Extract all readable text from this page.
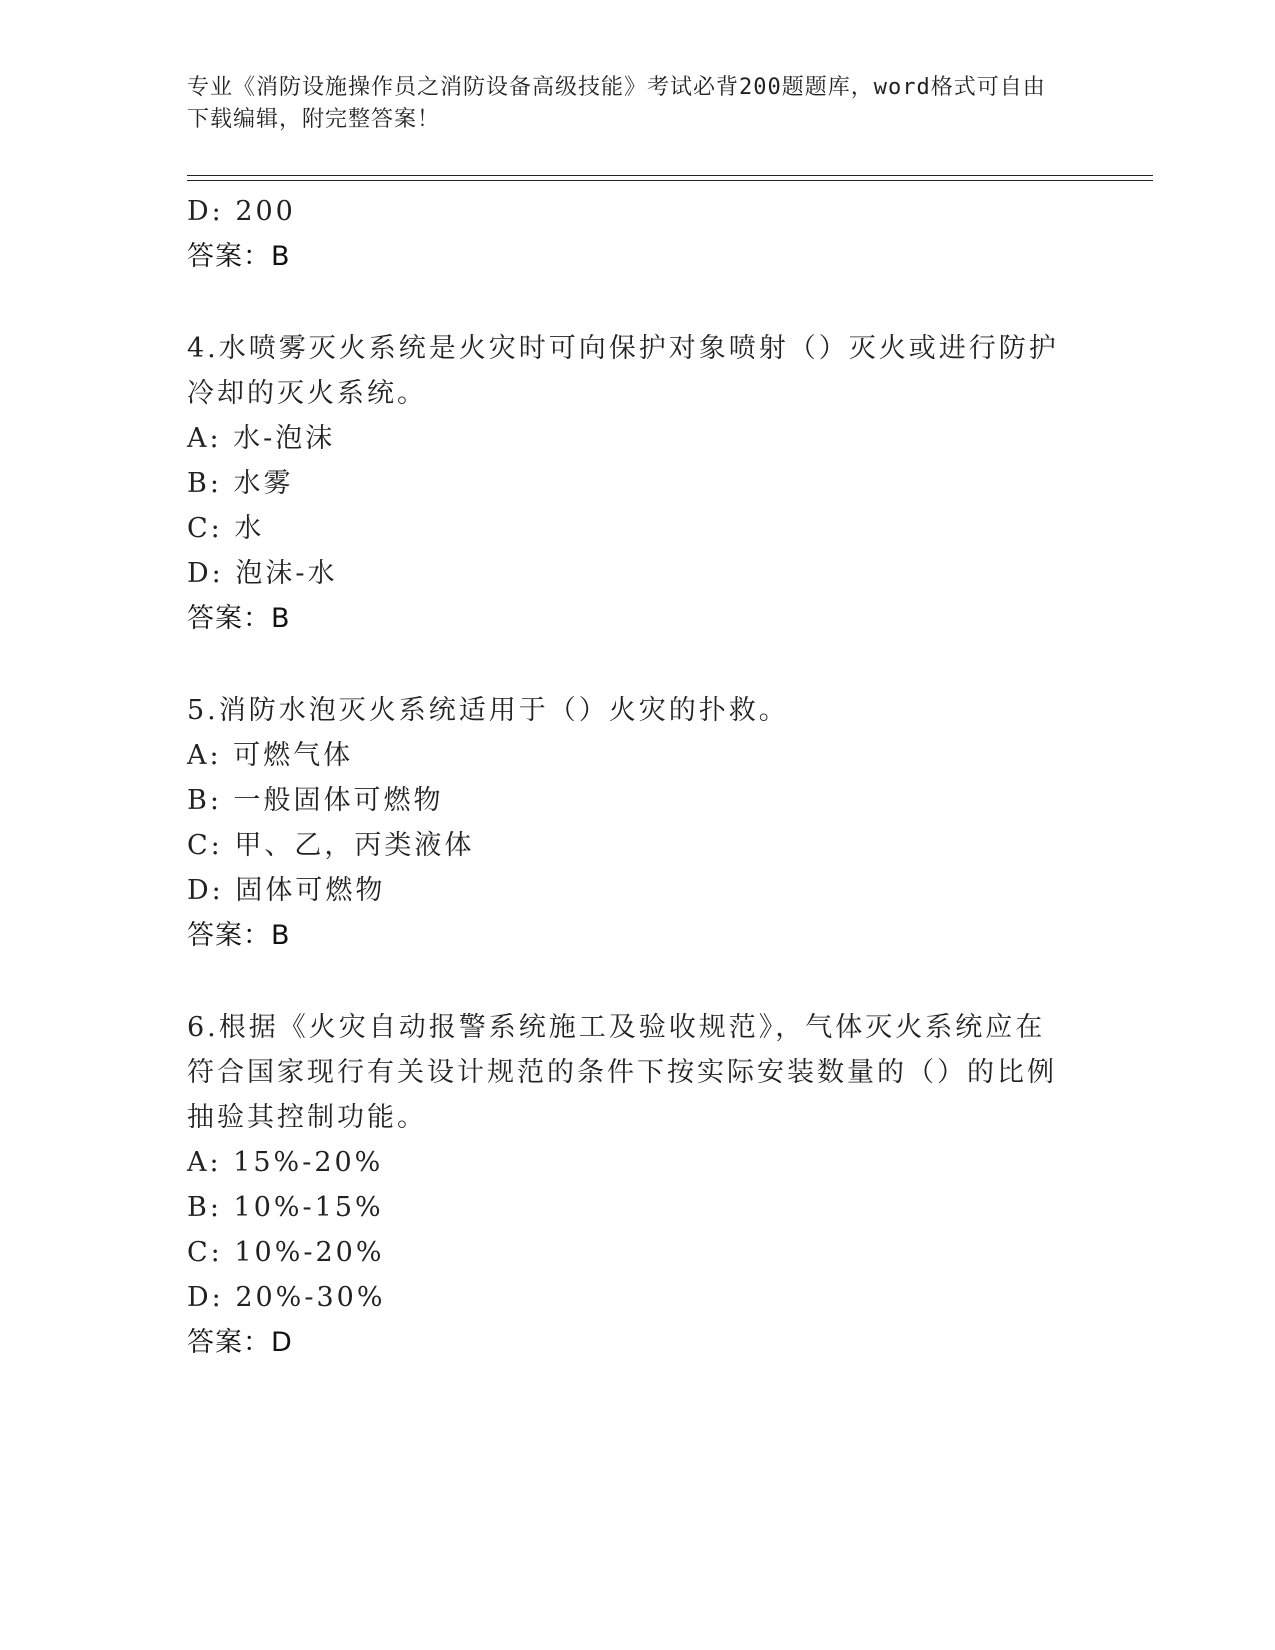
专业《消防设施操作员之消防设备高级技能》考试必背200题题库，word格式可自由下载编辑，附完整答案！
D: 200
答案：B
4.水喷雾灭火系统是火灾时可向保护对象喷射（）灭火或进行防护冷却的灭火系统。
A: 水-泡沫
B: 水雾
C: 水
D: 泡沫-水
答案：B
5.消防水泡灭火系统适用于（）火灾的扑救。
A: 可燃气体
B: 一般固体可燃物
C: 甲、乙，丙类液体
D: 固体可燃物
答案：B
6.根据《火灾自动报警系统施工及验收规范》，气体灭火系统应在符合国家现行有关设计规范的条件下按实际安装数量的（）的比例抽验其控制功能。
A: 15%-20%
B: 10%-15%
C: 10%-20%
D: 20%-30%
答案：D
